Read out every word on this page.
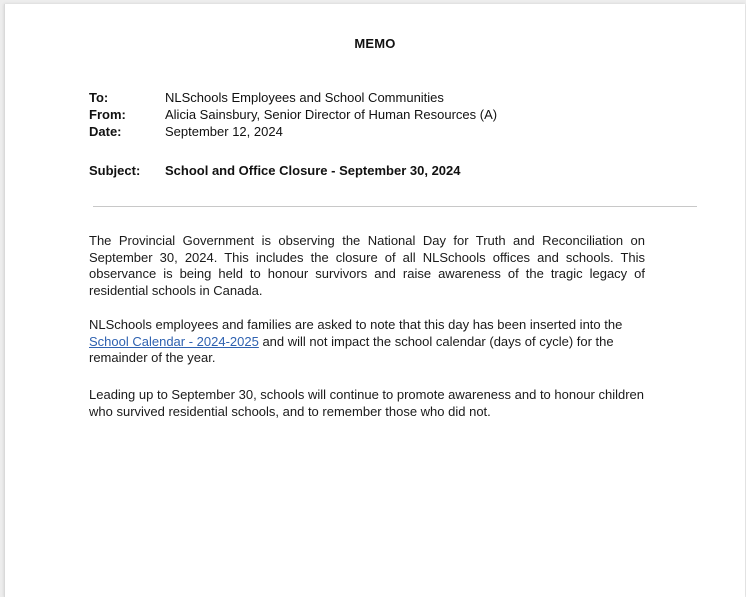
MEMO
To:	NLSchools Employees and School Communities
From:	Alicia Sainsbury, Senior Director of Human Resources (A)
Date:	September 12, 2024
Subject: School and Office Closure - September 30, 2024

The Provincial Government is observing the National Day for Truth and Reconciliation on September 30, 2024. This includes the closure of all NLSchools offices and schools. This observance is being held to honour survivors and raise awareness of the tragic legacy of residential schools in Canada.

NLSchools employees and families are asked to note that this day has been inserted into the School Calendar - 2024-2025 and will not impact the school calendar (days of cycle) for the remainder of the year.

Leading up to September 30, schools will continue to promote awareness and to honour children who survived residential schools, and to remember those who did not.
